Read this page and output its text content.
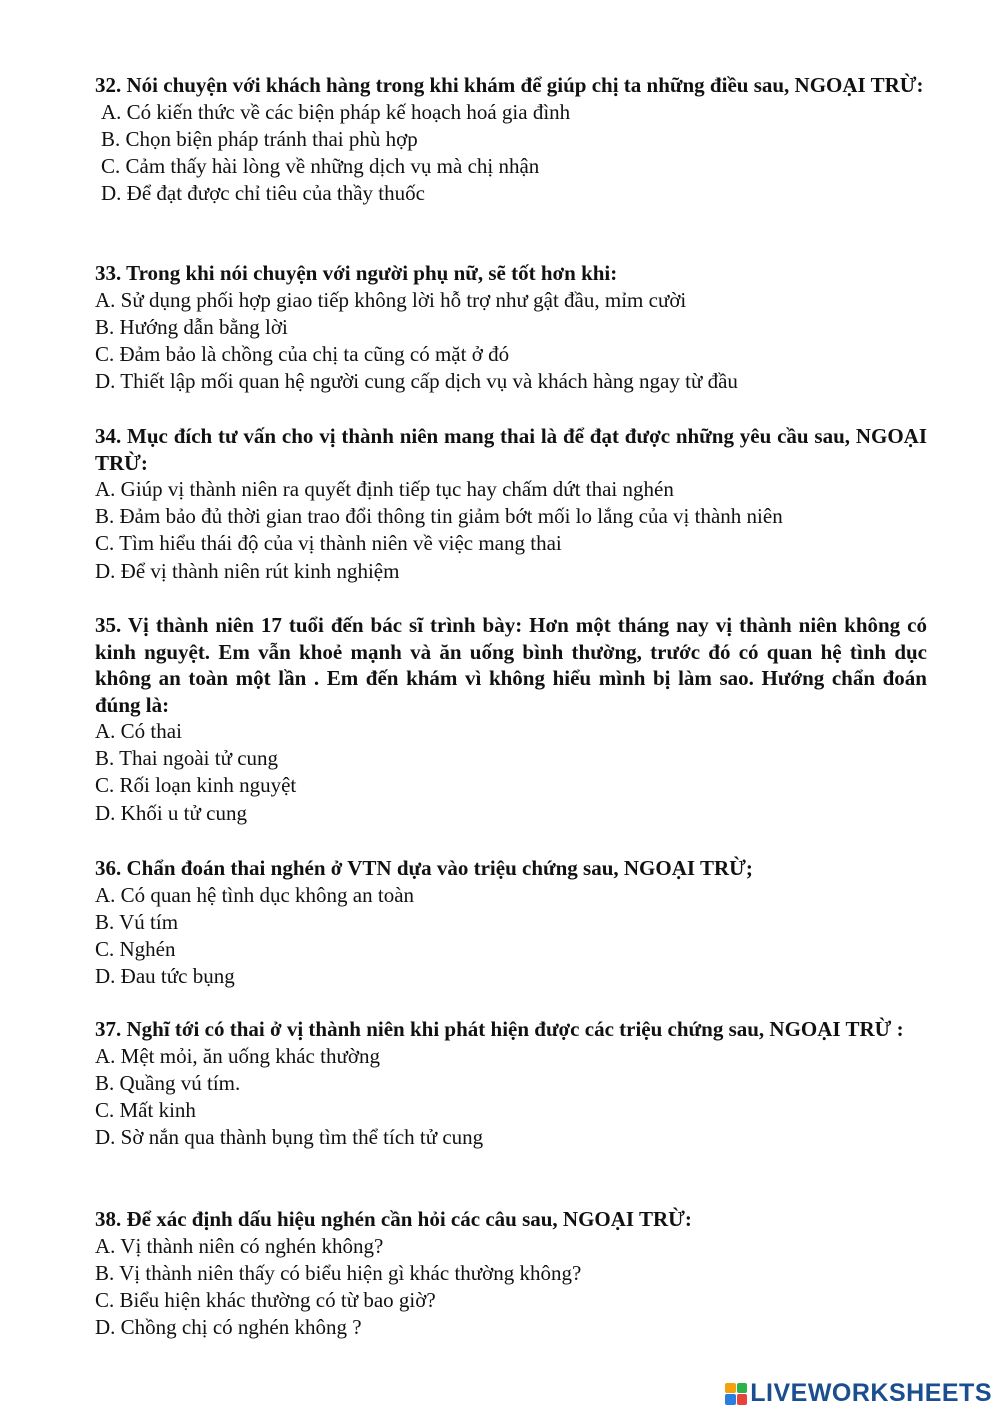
32. Nói chuyện với khách hàng trong khi khám để giúp chị ta những điều sau, NGOẠI TRỪ:

A. Có kiến thức về các biện pháp kế hoạch hoá gia đình
B. Chọn biện pháp tránh thai phù hợp
C. Cảm thấy hài lòng về những dịch vụ mà chị nhận
D. Để đạt được chỉ tiêu của thầy thuốc

33. Trong khi nói chuyện với người phụ nữ, sẽ tốt hơn khi:

A. Sử dụng phối hợp giao tiếp không lời hỗ trợ như gật đầu, mỉm cười
B. Hướng dẫn bằng lời
C. Đảm bảo là chồng của chị ta cũng có mặt ở đó
D. Thiết lập mối quan hệ người cung cấp dịch vụ và khách hàng ngay từ đầu

34. Mục đích tư vấn cho vị thành niên mang thai là để đạt được những yêu cầu sau, NGOẠI TRỪ:

A. Giúp vị thành niên ra quyết định tiếp tục hay chấm dứt thai nghén
B. Đảm bảo đủ thời gian trao đổi thông tin giảm bớt mối lo lắng của vị thành niên
C. Tìm hiểu thái độ của vị thành niên về việc mang thai
D. Để vị thành niên rút kinh nghiệm

35. Vị thành niên 17 tuổi đến bác sĩ trình bày: Hơn một tháng nay vị thành niên không có kinh nguyệt. Em vẫn khoẻ mạnh và ăn uống bình thường, trước đó có quan hệ tình dục không an toàn một lần . Em đến khám vì không hiểu mình bị làm sao. Hướng chẩn đoán đúng là:

A. Có thai
B. Thai ngoài tử cung
C. Rối loạn kinh nguyệt
D. Khối u tử cung

36. Chẩn đoán thai nghén ở VTN dựa vào triệu chứng sau, NGOẠI TRỪ;

A. Có quan hệ tình dục không an toàn
B. Vú tím
C. Nghén
D. Đau tức bụng

37. Nghĩ tới có thai ở vị thành niên khi phát hiện được các triệu chứng sau, NGOẠI TRỪ :

A. Mệt mỏi, ăn uống khác thường
B. Quầng vú tím.
C. Mất kinh
D. Sờ nắn qua thành bụng tìm thể tích tử cung

38. Để xác định dấu hiệu nghén cần hỏi các câu sau, NGOẠI TRỪ:

A. Vị thành niên có nghén không?
B. Vị thành niên thấy có biểu hiện gì khác thường không?
C. Biểu hiện khác thường có từ bao giờ?
D. Chồng chị có nghén không ?
LIVEWORKSHEETS
